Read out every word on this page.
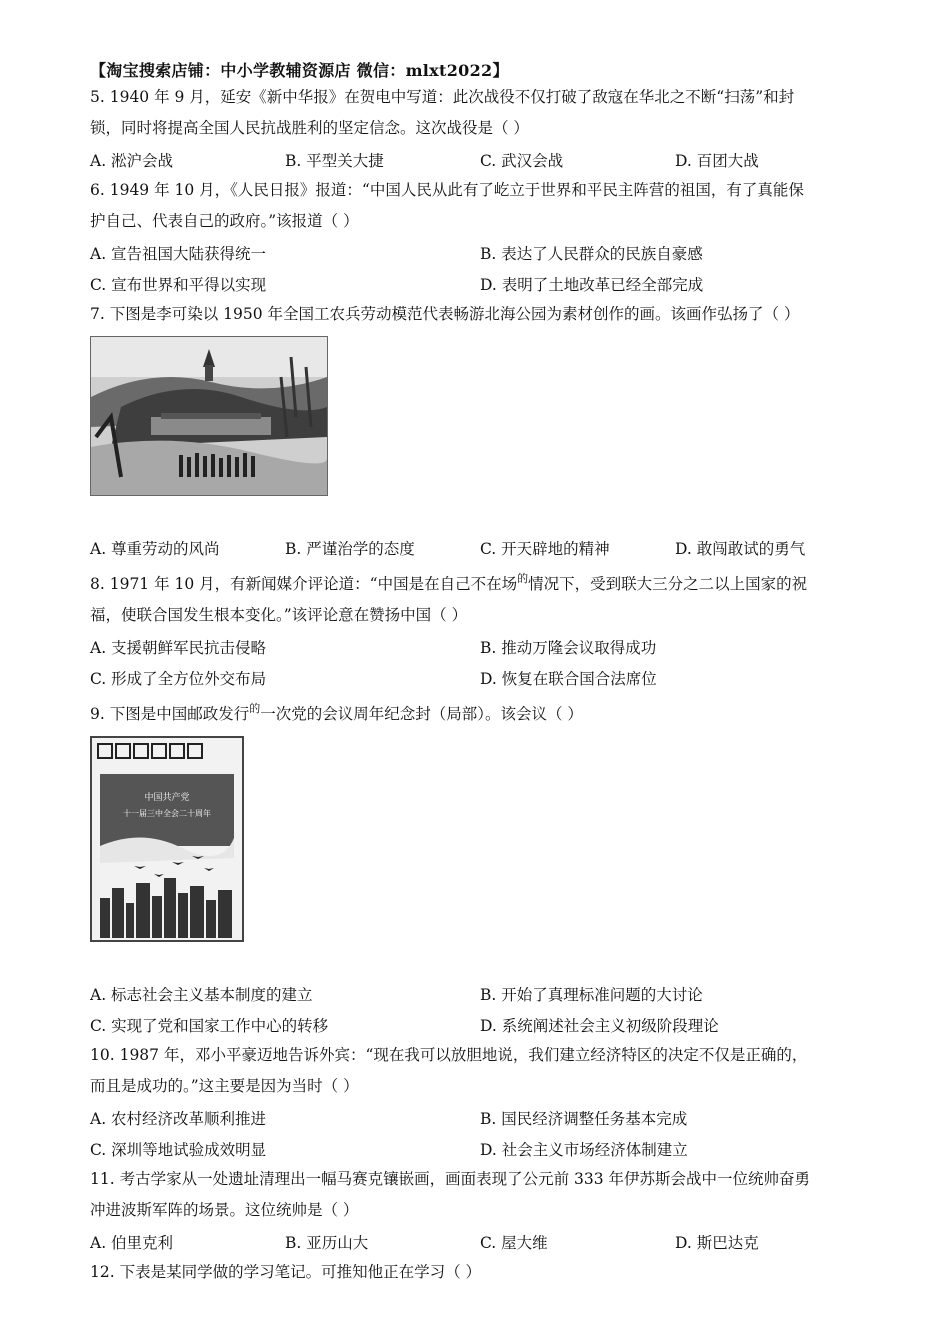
【淘宝搜索店铺：中小学教辅资源店 微信：mlxt2022】
5. 1940 年 9 月，延安《新中华报》在贺电中写道：此次战役不仅打破了敌寇在华北之不断“扫荡”和封
锁，同时将提高全国人民抗战胜利的坚定信念。这次战役是（ ）
A. 淞沪会战	B. 平型关大捷	C. 武汉会战	D. 百团大战
6. 1949 年 10 月，《人民日报》报道：“中国人民从此有了屹立于世界和平民主阵营的祖国，有了真能保
护自己、代表自己的政府。”该报道（ ）
A. 宣告祖国大陆获得统一	B. 表达了人民群众的民族自豪感
C. 宣布世界和平得以实现	D. 表明了土地改革已经全部完成
7. 下图是李可染以 1950 年全国工农兵劳动模范代表畅游北海公园为素材创作的画。该画作弘扬了（ ）
A. 尊重劳动的风尚	B. 严谨治学的态度	C. 开天辟地的精神	D. 敢闯敢试的勇气
8. 1971 年 10 月，有新闻媒介评论道：“中国是在自己不在场$^的$情况下，受到联大三分之二以上国家的祝
福，使联合国发生根本变化。”该评论意在赞扬中国（ ）
A. 支援朝鲜军民抗击侵略	B. 推动万隆会议取得成功
C. 形成了全方位外交布局	D. 恢复在联合国合法席位
9. 下图是中国邮政发行$^的$一次党的会议周年纪念封（局部）。该会议（ ）
中国共产党
十一届三中全会二十周年
A. 标志社会主义基本制度的建立	B. 开始了真理标准问题的大讨论
C. 实现了党和国家工作中心的转移	D. 系统阐述社会主义初级阶段理论
10. 1987 年，邓小平豪迈地告诉外宾：“现在我可以放胆地说，我们建立经济特区的决定不仅是正确的，
而且是成功的。”这主要是因为当时（ ）
A. 农村经济改革顺利推进	B. 国民经济调整任务基本完成
C. 深圳等地试验成效明显	D. 社会主义市场经济体制建立
11. 考古学家从一处遗址清理出一幅马赛克镶嵌画，画面表现了公元前 333 年伊苏斯会战中一位统帅奋勇
冲进波斯军阵的场景。这位统帅是（ ）
A. 伯里克利	B. 亚历山大	C. 屋大维	D. 斯巴达克
12. 下表是某同学做的学习笔记。可推知他正在学习（ ）
